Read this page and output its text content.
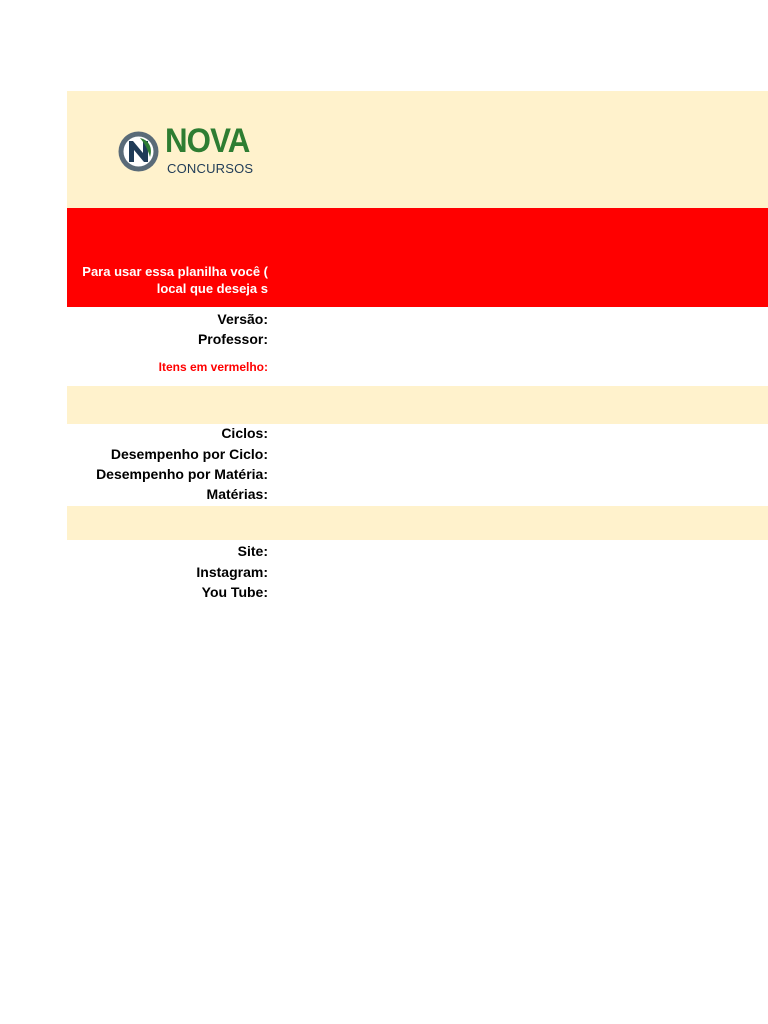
NOVA
CONCURSOS
Para usar essa planilha você (
local que deseja s
Versão:
Professor:
Itens em vermelho:
Ciclos:
Desempenho por Ciclo:
Desempenho por Matéria:
Matérias:
Site:
Instagram:
You Tube:
